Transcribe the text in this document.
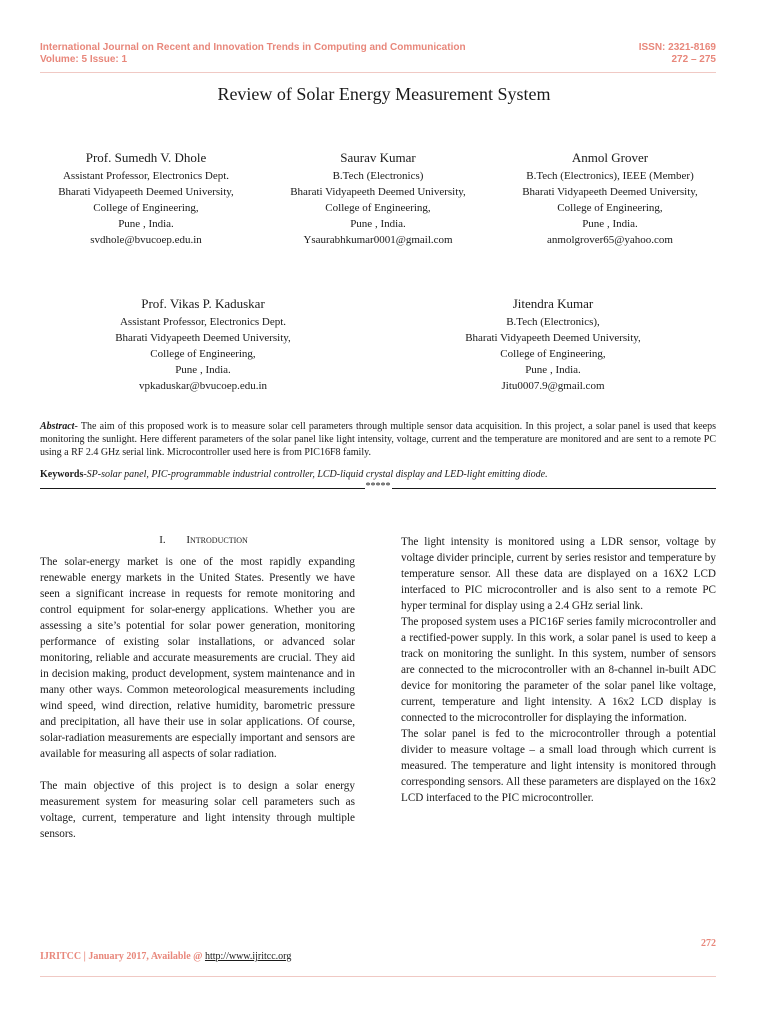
International Journal on Recent and Innovation Trends in Computing and Communication
Volume: 5 Issue: 1
ISSN: 2321-8169
272 – 275
Review of Solar Energy Measurement System
Prof. Sumedh V. Dhole
Assistant Professor, Electronics Dept.
Bharati Vidyapeeth Deemed University,
College of Engineering,
Pune , India.
svdhole@bvucoep.edu.in
Saurav Kumar
B.Tech (Electronics)
Bharati Vidyapeeth Deemed University,
College of Engineering,
Pune , India.
Ysaurabhkumar0001@gmail.com
Anmol Grover
B.Tech (Electronics), IEEE (Member)
Bharati Vidyapeeth Deemed University,
College of Engineering,
Pune , India.
anmolgrover65@yahoo.com
Prof. Vikas P. Kaduskar
Assistant Professor, Electronics Dept.
Bharati Vidyapeeth Deemed University,
College of Engineering,
Pune , India.
vpkaduskar@bvucoep.edu.in
Jitendra Kumar
B.Tech (Electronics),
Bharati Vidyapeeth Deemed University,
College of Engineering,
Pune , India.
Jitu0007.9@gmail.com
Abstract- The aim of this proposed work is to measure solar cell parameters through multiple sensor data acquisition. In this project, a solar panel is used that keeps monitoring the sunlight. Here different parameters of the solar panel like light intensity, voltage, current and the temperature are monitored and are sent to a remote PC using a RF 2.4 GHz serial link. Microcontroller used here is from PIC16F8 family.
Keywords-SP-solar panel, PIC-programmable industrial controller, LCD-liquid crystal display and LED-light emitting diode.
*****
I. Introduction

The solar-energy market is one of the most rapidly expanding renewable energy markets in the United States. Presently we have seen a significant increase in requests for remote monitoring and control equipment for solar-energy applications. Whether you are assessing a site’s potential for solar power generation, monitoring performance of existing solar installations, or advanced solar monitoring, reliable and accurate measurements are crucial. They aid in decision making, product development, system maintenance and in many other ways. Common meteorological measurements including wind speed, wind direction, relative humidity, barometric pressure and precipitation, all have their use in solar applications. Of course, solar-radiation measurements are especially important and sensors are available for measuring all aspects of solar radiation.

The main objective of this project is to design a solar energy measurement system for measuring solar cell parameters such as voltage, current, temperature and light intensity through multiple sensors.

The light intensity is monitored using a LDR sensor, voltage by voltage divider principle, current by series resistor and temperature by temperature sensor. All these data are displayed on a 16X2 LCD interfaced to PIC microcontroller and is also sent to a remote PC hyper terminal for display using a 2.4 GHz serial link.

The proposed system uses a PIC16F series family microcontroller and a rectified-power supply. In this work, a solar panel is used to keep a track on monitoring the sunlight. In this system, number of sensors are connected to the microcontroller with an 8-channel in-built ADC device for monitoring the parameter of the solar panel like voltage, current, temperature and light intensity. A 16x2 LCD display is connected to the microcontroller for displaying the information.

The solar panel is fed to the microcontroller through a potential divider to measure voltage – a small load through which current is measured. The temperature and light intensity is monitored through corresponding sensors. All these parameters are displayed on the 16x2 LCD interfaced to the PIC microcontroller.

272
IJRITCC | January 2017, Available @ http://www.ijritcc.org
